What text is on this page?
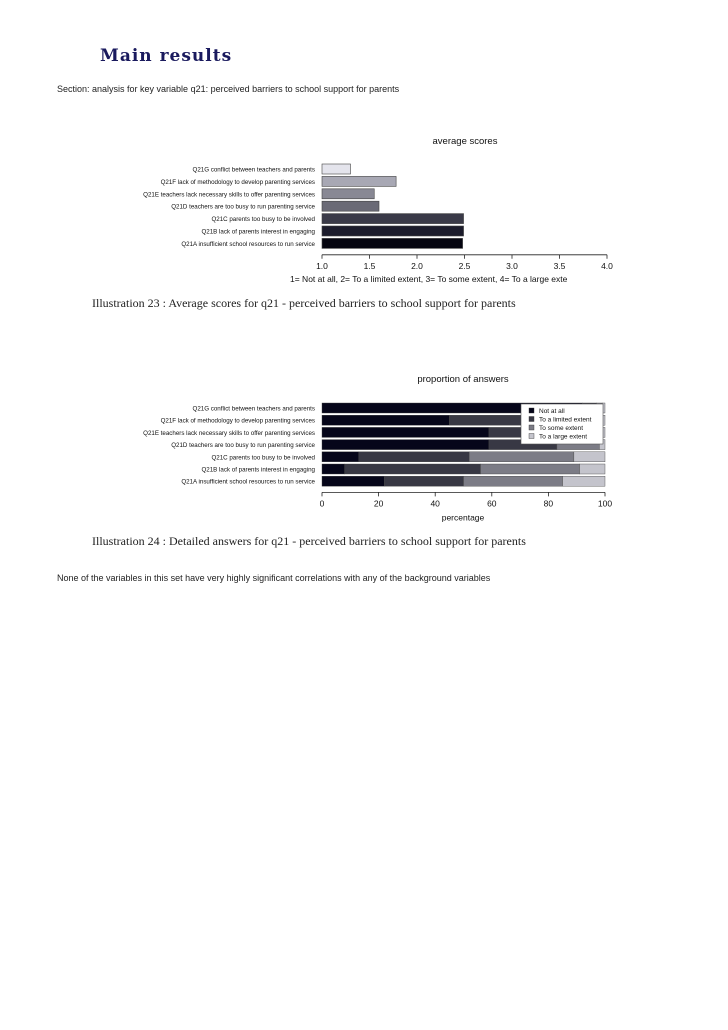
Main results
Section: analysis for key variable q21: perceived barriers to school support for parents
average scores
Q21G conflict between teachers and parents
Q21F lack of methodology to develop parenting services
Q21E teachers lack necessary skills to offer parenting services
Q21D teachers are too busy to run parenting service
Q21C parents too busy to be involved
Q21B lack of parents interest in engaging
Q21A insufficient school resources to run service
1.0	1.5	2.0	2.5	3.0	3.5	4.0
1= Not at all, 2= To a limited extent, 3= To some extent, 4= To a large exte
Illustration 23 : Average scores for q21 - perceived barriers to school support for parents
proportion of answers
Q21G conflict between teachers and parents
Q21F lack of methodology to develop parenting services
Q21E teachers lack necessary skills to offer parenting services
Q21D teachers are too busy to run parenting service
Q21C parents too busy to be involved
Q21B lack of parents interest in engaging
Q21A insufficient school resources to run service
Not at all
To a limited extent
To some extent
To a large extent
0	20	40	60	80	100
percentage
Illustration 24 : Detailed answers for q21 - perceived barriers to school support for parents
None of the variables in this set have very highly significant correlations with any of the background variables
